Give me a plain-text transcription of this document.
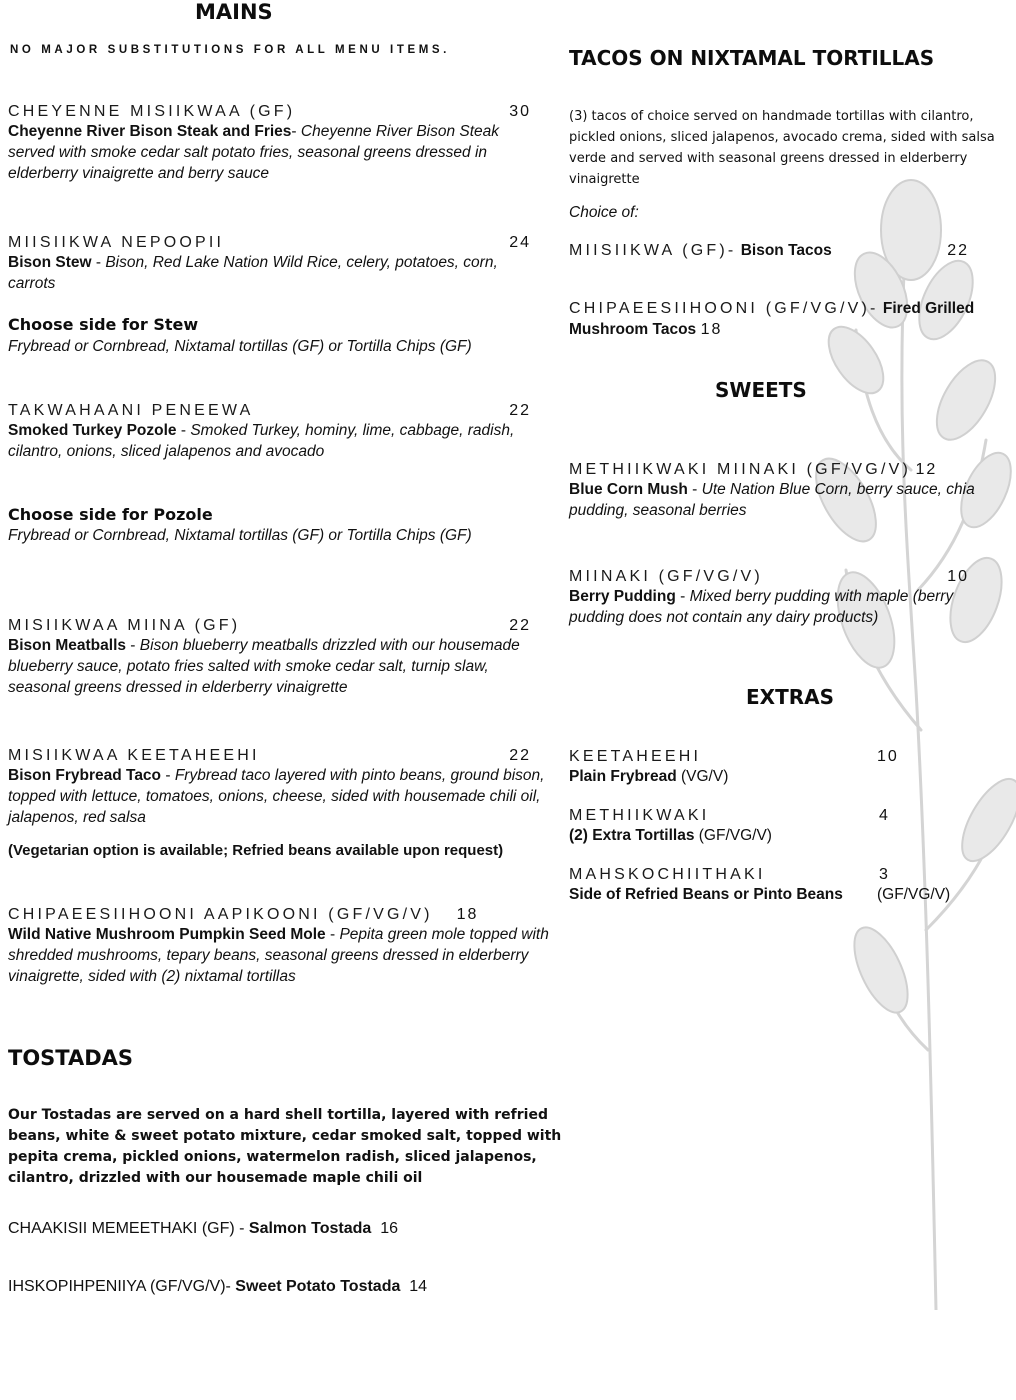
MAINS
NO MAJOR SUBSTITUTIONS FOR ALL MENU ITEMS.
CHEYENNE MISIIKWAA (GF)	30
Cheyenne River Bison Steak and Fries- Cheyenne River Bison Steak served with smoke cedar salt potato fries, seasonal greens dressed in elderberry vinaigrette and berry sauce
MIISIIKWA NEPOOPII	24
Bison Stew - Bison, Red Lake Nation Wild Rice, celery, potatoes, corn, carrots
Choose side for Stew
Frybread or Cornbread, Nixtamal tortillas (GF) or Tortilla Chips (GF)
TAKWAHAANI PENEEWA	22
Smoked Turkey Pozole - Smoked Turkey, hominy, lime, cabbage, radish, cilantro, onions, sliced jalapenos and avocado
Choose side for Pozole
Frybread or Cornbread, Nixtamal tortillas (GF) or Tortilla Chips (GF)
MISIIKWAA MIINA (GF)	22
Bison Meatballs - Bison blueberry meatballs drizzled with our housemade blueberry sauce, potato fries salted with smoke cedar salt, turnip slaw, seasonal greens dressed in elderberry vinaigrette
MISIIKWAA KEETAHEEHI	22
Bison Frybread Taco - Frybread taco layered with pinto beans, ground bison, topped with lettuce, tomatoes, onions, cheese, sided with housemade chili oil, jalapenos, red salsa
(Vegetarian option is available; Refried beans available upon request)
CHIPAEESIIHOONI AAPIKOONI (GF/VG/V) 18
Wild Native Mushroom Pumpkin Seed Mole - Pepita green mole topped with shredded mushrooms, tepary beans, seasonal greens dressed in elderberry vinaigrette, sided with (2) nixtamal tortillas
TOSTADAS
Our Tostadas are served on a hard shell tortilla, layered with refried beans, white & sweet potato mixture, cedar smoked salt, topped with pepita crema, pickled onions, watermelon radish, sliced jalapenos, cilantro, drizzled with our housemade maple chili oil
CHAAKISII MEMEETHAKI (GF) - Salmon Tostada 16
IHSKOPIHPENIIYA (GF/VG/V)- Sweet Potato Tostada 14
TACOS ON NIXTAMAL TORTILLAS
(3) tacos of choice served on handmade tortillas with cilantro, pickled onions, sliced jalapenos, avocado crema, sided with salsa verde and served with seasonal greens dressed in elderberry vinaigrette
Choice of:
MIISIIKWA (GF)- Bison Tacos	22
CHIPAEESIIHOONI (GF/VG/V)- Fired Grilled
Mushroom Tacos 18
SWEETS
METHIIKWAKI MIINAKI (GF/VG/V) 12
Blue Corn Mush - Ute Nation Blue Corn, berry sauce, chia pudding, seasonal berries
MIINAKI (GF/VG/V)	10
Berry Pudding - Mixed berry pudding with maple (berry pudding does not contain any dairy products)
EXTRAS
KEETAHEEHI	10
Plain Frybread (VG/V)
METHIIKWAKI	4
(2) Extra Tortillas (GF/VG/V)
MAHSKOCHIITHAKI	3
Side of Refried Beans or Pinto Beans (GF/VG/V)
